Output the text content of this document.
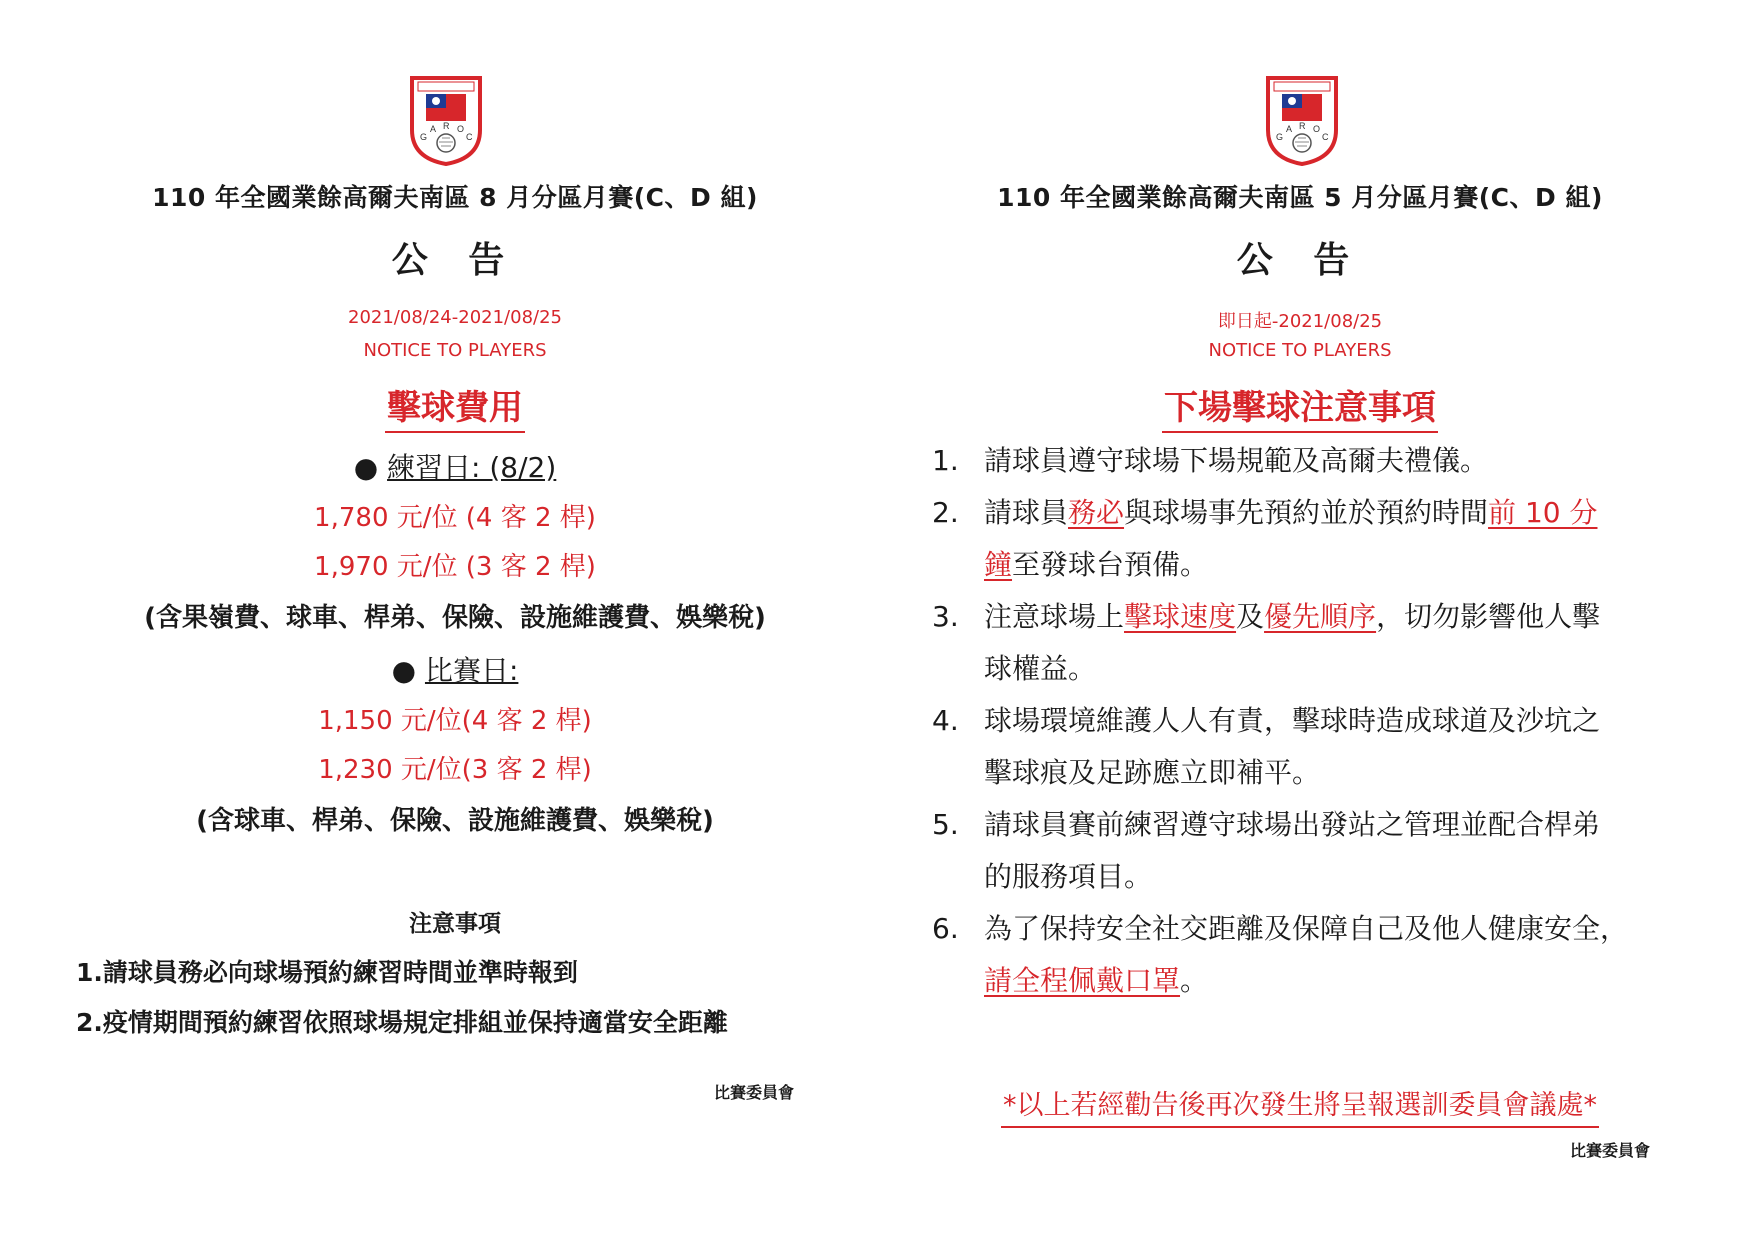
G
A R O
C
110 年全國業餘高爾夫南區 8 月分區月賽(C、D 組)
公 告
2021/08/24-2021/08/25
NOTICE TO PLAYERS
擊球費用
● 練習日: (8/2)
1,780 元/位 (4 客 2 桿)
1,970 元/位 (3 客 2 桿)
(含果嶺費、球車、桿弟、保險、設施維護費、娛樂稅)
● 比賽日:
1,150 元/位(4 客 2 桿)
1,230 元/位(3 客 2 桿)
(含球車、桿弟、保險、設施維護費、娛樂稅)
注意事項
1.請球員務必向球場預約練習時間並準時報到
2.疫情期間預約練習依照球場規定排組並保持適當安全距離
比賽委員會
G
A R O
C
110 年全國業餘高爾夫南區 5 月分區月賽(C、D 組)
公 告
即日起-2021/08/25
NOTICE TO PLAYERS
下場擊球注意事項
1. 請球員遵守球場下場規範及高爾夫禮儀。
2. 請球員務必與球場事先預約並於預約時間前 10 分
鐘至發球台預備。
3. 注意球場上擊球速度及優先順序，切勿影響他人擊
球權益。
4. 球場環境維護人人有責，擊球時造成球道及沙坑之
擊球痕及足跡應立即補平。
5. 請球員賽前練習遵守球場出發站之管理並配合桿弟
的服務項目。
6. 為了保持安全社交距離及保障自己及他人健康安全，
請全程佩戴口罩。
*以上若經勸告後再次發生將呈報選訓委員會議處*
比賽委員會
